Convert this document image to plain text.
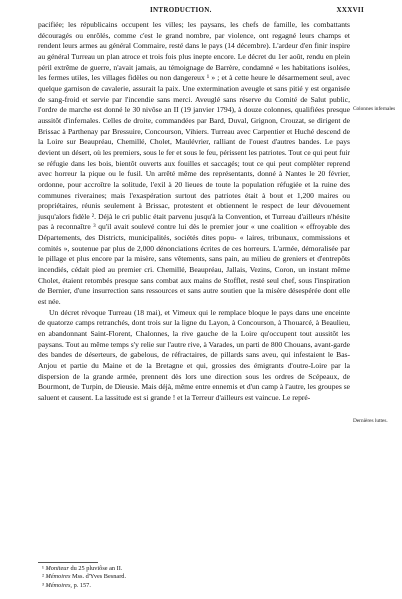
INTRODUCTION.	XXXVII

pacifiée; les républicains occupent les villes; les paysans, les chefs de famille, les combattants découragés ou enrôlés, comme c'est le grand nombre, par violence, ont regagné leurs champs et rendent leurs armes au général Commaire, resté dans le pays (14 décembre). L'ardeur d'en finir inspire au général Turreau un plan atroce et trois fois plus inepte encore. Le décret du 1er août, rendu en plein péril extrême de guerre, n'avait jamais, au témoignage de Barrère, condamné « les habitations isolées, les fermes utiles, les villages fidèles ou non dangereux ¹ » ; et à cette heure le désarmement seul, avec quelque garnison de cavalerie, assurait la paix. Une extermination aveugle et sans pitié y est organisée de sang-froid et servie par l'incendie sans merci. Aveuglé sans réserve du Comité de Salut public, l'ordre de marche est donné le 30 nivôse an II (19 janvier 1794), à douze colonnes, qualifiées presque aussitôt d'infernales. Celles de droite, commandées par Bard, Duval, Grignon, Crouzat, se dirigent de Brissac à Parthenay par Bressuire, Concourson, Vihiers. Turreau avec Carpentier et Huché descend de la Loire sur Beaupréau, Chemillé, Cholet, Maulévrier, ralliant de l'ouest d'autres bandes. Le pays devient un désert, où les premiers, sous le fer et sous le feu, périssent les patriotes. Tout ce qui peut fuir se réfugie dans les bois, bientôt ouverts aux fouilles et saccagés; tout ce qui peut complèter reprend avec horreur la pique ou le fusil. Un arrêté même des représentants, donné à Nantes le 20 février, ordonne, pour accroître la solitude, l'exil à 20 lieues de toute la population réfugiée et la ruine des communes riveraines; mais l'exaspération surtout des patriotes était à bout et 1,200 maires ou propriétaires, réunis seulement à Brissac, protestent et obtiennent le respect de leur dévouement jusqu'alors fidèle ². Déjà le cri public était parvenu jusqu'à la Convention, et Turreau d'ailleurs n'hésite pas à reconnaître ³ qu'il avait soulevé contre lui dès le premier jour « une coalition « effroyable des Départements, des Districts, municipalités, sociétés dites popu- « laires, tribunaux, commissions et comités », soutenue par plus de 2,000 dénonciations écrites de ces horreurs. L'armée, démoralisée par le pillage et plus encore par la misère, sans vêtements, sans pain, au milieu de greniers et d'entrepôts incendiés, cédait pied au premier cri. Chemillé, Beaupréau, Jallais, Vezins, Coron, un instant même Cholet, étaient retombés presque sans combat aux mains de Stofflet, resté seul chef, sous l'inspiration de Bernier, d'une insurrection sans ressources et sans autre soutien que la misère désespérée dont elle est née.

Un décret révoque Turreau (18 mai), et Vimeux qui le remplace bloque le pays dans une enceinte de quatorze camps retranchés, dont trois sur la ligne du Layon, à Concourson, à Thouarcé, à Beaulieu, en abandonnant Saint-Florent, Chalonnes, la rive gauche de la Loire qu'occupent tout aussitôt les paysans. Tout au même temps s'y relie sur l'autre rive, à Varades, un parti de 800 Chouans, avant-garde des bandes de déserteurs, de gabelous, de réfractaires, de pillards sans aveu, qui infestaient le Bas-Anjou et partie du Maine et de la Bretagne et qui, grossies des émigrants d'outre-Loire par la dispersion de la grande armée, prennent dès lors une direction sous les ordres de Scépeaux, de Bourmont, de Turpin, de Dieusie. Mais déjà, même entre ennemis et d'un camp à l'autre, les groupes se saluent et causent. La lassitude est si grande ! et la Terreur d'ailleurs est vaincue. Le repré-

Colonnes infernales
Dernières luttes.
¹ Moniteur du 25 pluviôse an II.
² Mémoires Mss. d'Yves Besnard.
³ Mémoires, p. 157.
